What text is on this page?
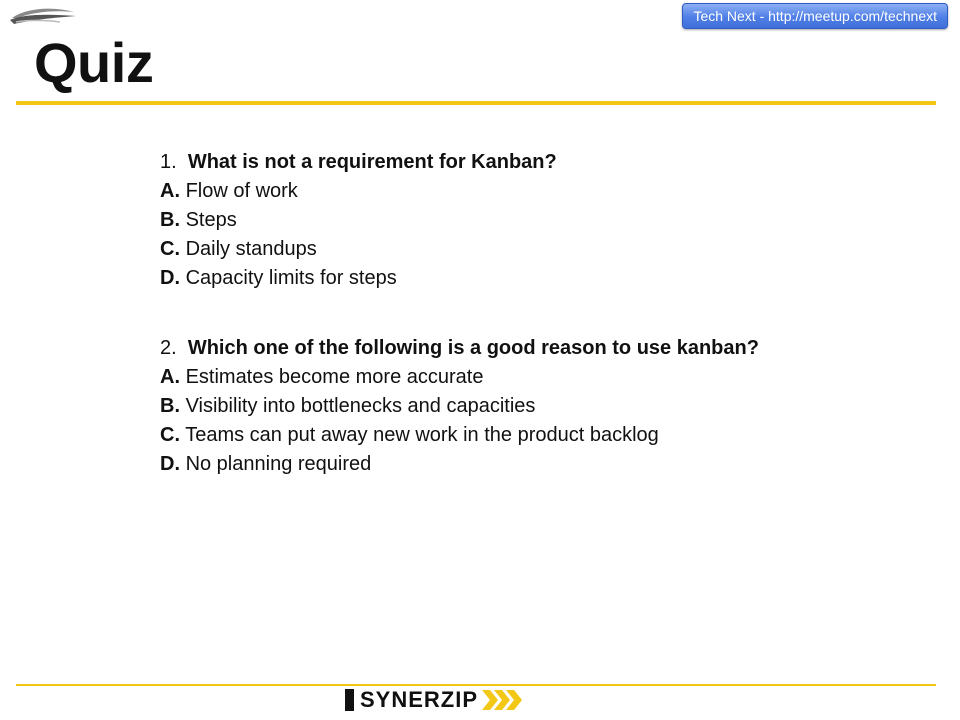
Tech Next - http://meetup.com/technext
Quiz

1. What is not a requirement for Kanban?

A. Flow of work

B. Steps

C. Daily standups

D. Capacity limits for steps

2. Which one of the following is a good reason to use kanban?

A. Estimates become more accurate

B. Visibility into bottlenecks and capacities

C. Teams can put away new work in the product backlog

D. No planning required

SYNERZIP
